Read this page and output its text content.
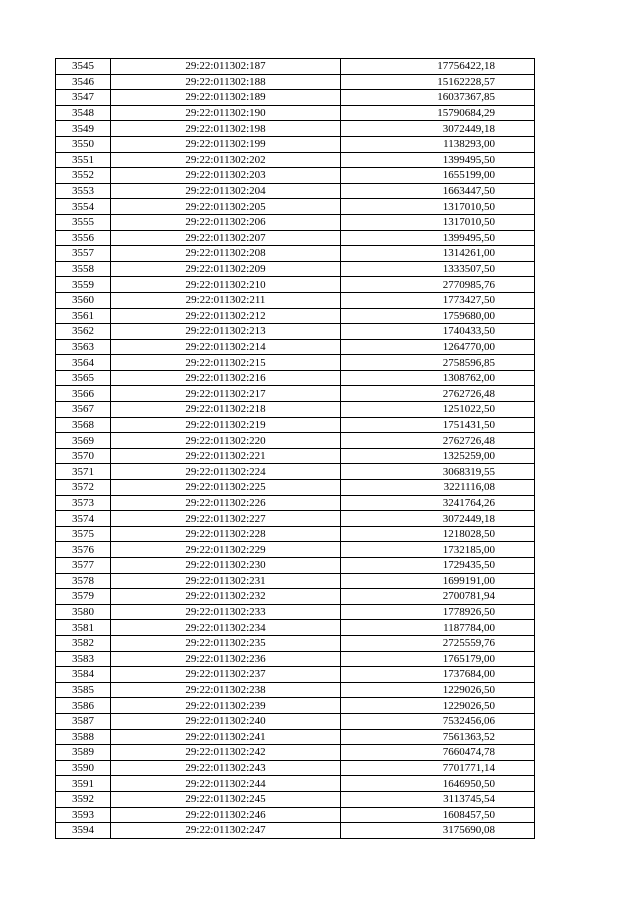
3545	29:22:011302:187	17756422,18
3546	29:22:011302:188	15162228,57
3547	29:22:011302:189	16037367,85
3548	29:22:011302:190	15790684,29
3549	29:22:011302:198	3072449,18
3550	29:22:011302:199	1138293,00
3551	29:22:011302:202	1399495,50
3552	29:22:011302:203	1655199,00
3553	29:22:011302:204	1663447,50
3554	29:22:011302:205	1317010,50
3555	29:22:011302:206	1317010,50
3556	29:22:011302:207	1399495,50
3557	29:22:011302:208	1314261,00
3558	29:22:011302:209	1333507,50
3559	29:22:011302:210	2770985,76
3560	29:22:011302:211	1773427,50
3561	29:22:011302:212	1759680,00
3562	29:22:011302:213	1740433,50
3563	29:22:011302:214	1264770,00
3564	29:22:011302:215	2758596,85
3565	29:22:011302:216	1308762,00
3566	29:22:011302:217	2762726,48
3567	29:22:011302:218	1251022,50
3568	29:22:011302:219	1751431,50
3569	29:22:011302:220	2762726,48
3570	29:22:011302:221	1325259,00
3571	29:22:011302:224	3068319,55
3572	29:22:011302:225	3221116,08
3573	29:22:011302:226	3241764,26
3574	29:22:011302:227	3072449,18
3575	29:22:011302:228	1218028,50
3576	29:22:011302:229	1732185,00
3577	29:22:011302:230	1729435,50
3578	29:22:011302:231	1699191,00
3579	29:22:011302:232	2700781,94
3580	29:22:011302:233	1778926,50
3581	29:22:011302:234	1187784,00
3582	29:22:011302:235	2725559,76
3583	29:22:011302:236	1765179,00
3584	29:22:011302:237	1737684,00
3585	29:22:011302:238	1229026,50
3586	29:22:011302:239	1229026,50
3587	29:22:011302:240	7532456,06
3588	29:22:011302:241	7561363,52
3589	29:22:011302:242	7660474,78
3590	29:22:011302:243	7701771,14
3591	29:22:011302:244	1646950,50
3592	29:22:011302:245	3113745,54
3593	29:22:011302:246	1608457,50
3594	29:22:011302:247	3175690,08
